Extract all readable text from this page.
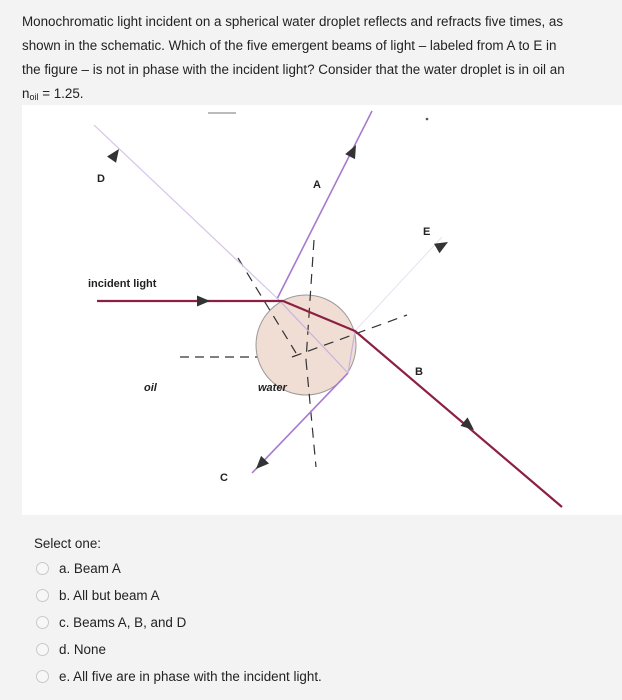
Monochromatic light incident on a spherical water droplet reflects and refracts five times, as
shown in the schematic. Which of the five emergent beams of light – labeled from A to E in
the figure – is not in phase with the incident light? Consider that the water droplet is in oil an
$n_{oil} = 1.25$.
D	A
E
incident light
oil	water
B
C
Select one:
a. Beam A
b. All but beam A
c. Beams A, B, and D
d. None
e. All five are in phase with the incident light.
